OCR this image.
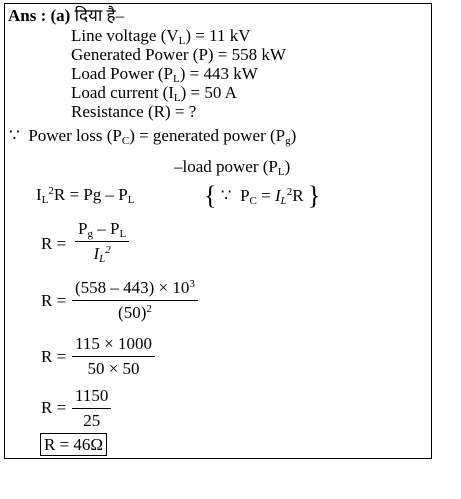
Ans : (a) दिया है–
Line voltage $(V_L) = 11$ kV
Generated Power (P) = 558 kW
Load Power $(P_L) = 443$ kW
Load current $(I_L) = 50$ A
Resistance (R) = ?
∵ Power loss $(P_C)$ = generated power $(P_g)$
–load power $(P_L)$
$I_L^2R = Pg - P_L$	{ ∵ $P_C = I_L^2R$ }
$R = \frac{P_g - P_L}{I_L^2}$
$R = \frac{(558 - 443) \times 10^3}{(50)^2}$
$R = \frac{115 \times 1000}{50 \times 50}$
$R = \frac{1150}{25}$
R = 46Ω
